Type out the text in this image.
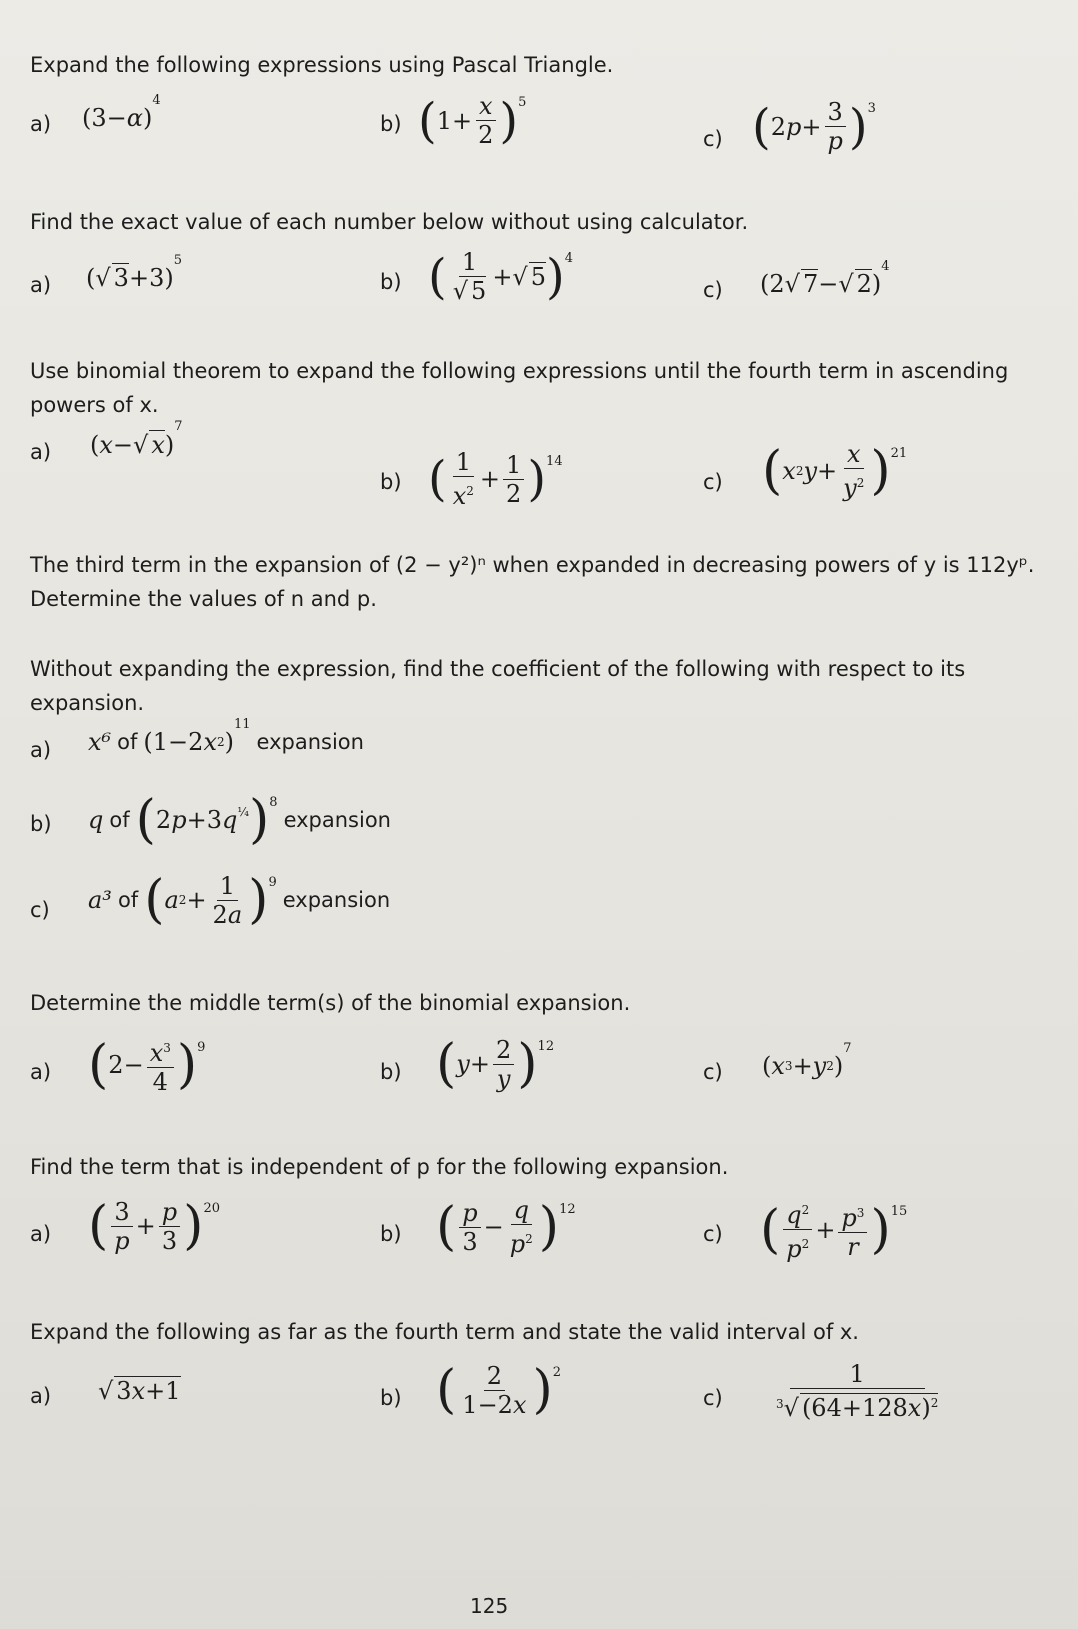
Expand the following expressions using Pascal Triangle.
a) ( 3 −α )
$^4$
b) ( $1 + \frac{x}{2} )^5$
c) ( 2 $p+ \frac{3}{p} )^3$
Find the exact value of each number below without using calculator.
a) ( √ 3+3 )
$^5$
b) ( $\frac{1}{√ 5}$ +√ 5 )$^4$
c) ( 2√ 7−√ 2 )
$^4$
Use binomial theorem to expand the following expressions until the fourth term in ascending powers of x.
a) ( x− √ x )
$^7$
b) ( $\frac{1}{x^2} + \frac{1}{2} )^{14}$
c) ( x 2 $y+ \frac{x}{y^2} )^{21}$
The third term in the expansion of (2 − y²)ⁿ when expanded in decreasing powers of y is 112yᵖ. Determine the values of n and p.
Without expanding the expression, find the coefficient of the following with respect to its expansion.
a) x⁶ of ( 1−2 x 2 )
$^{11}$
expansion
b) q of ( 2 p+ 3 $q^{\frac{1}{4}}$ )$^8$
expansion
c) a³ of ( a $2 + \frac{1}{2a} )^9$
expansion
Determine the middle term(s) of the binomial expansion.
a) ( $2 - \frac{x^3}{4} )^9$
b) ( $y+ \frac{2}{y} )^{12}$
c) ( x 3 +y 2 )
$^7$
Find the term that is independent of p for the following expansion.
a) ( $\frac{3}{p} + \frac{p}{3} )^{20}$
b) ( $\frac{p}{3} - \frac{q}{p^2} )^{12}$
c) ( $\frac{q^2}{p^2} + \frac{p^3}{r} )^{15}$
Expand the following as far as the fourth term and state the valid interval of x.
a) √ 3x+1	b) ( $\frac{2}{1-2x} )^2$
$c) \frac{1}{^3√ (64+128x)^2}$
125
